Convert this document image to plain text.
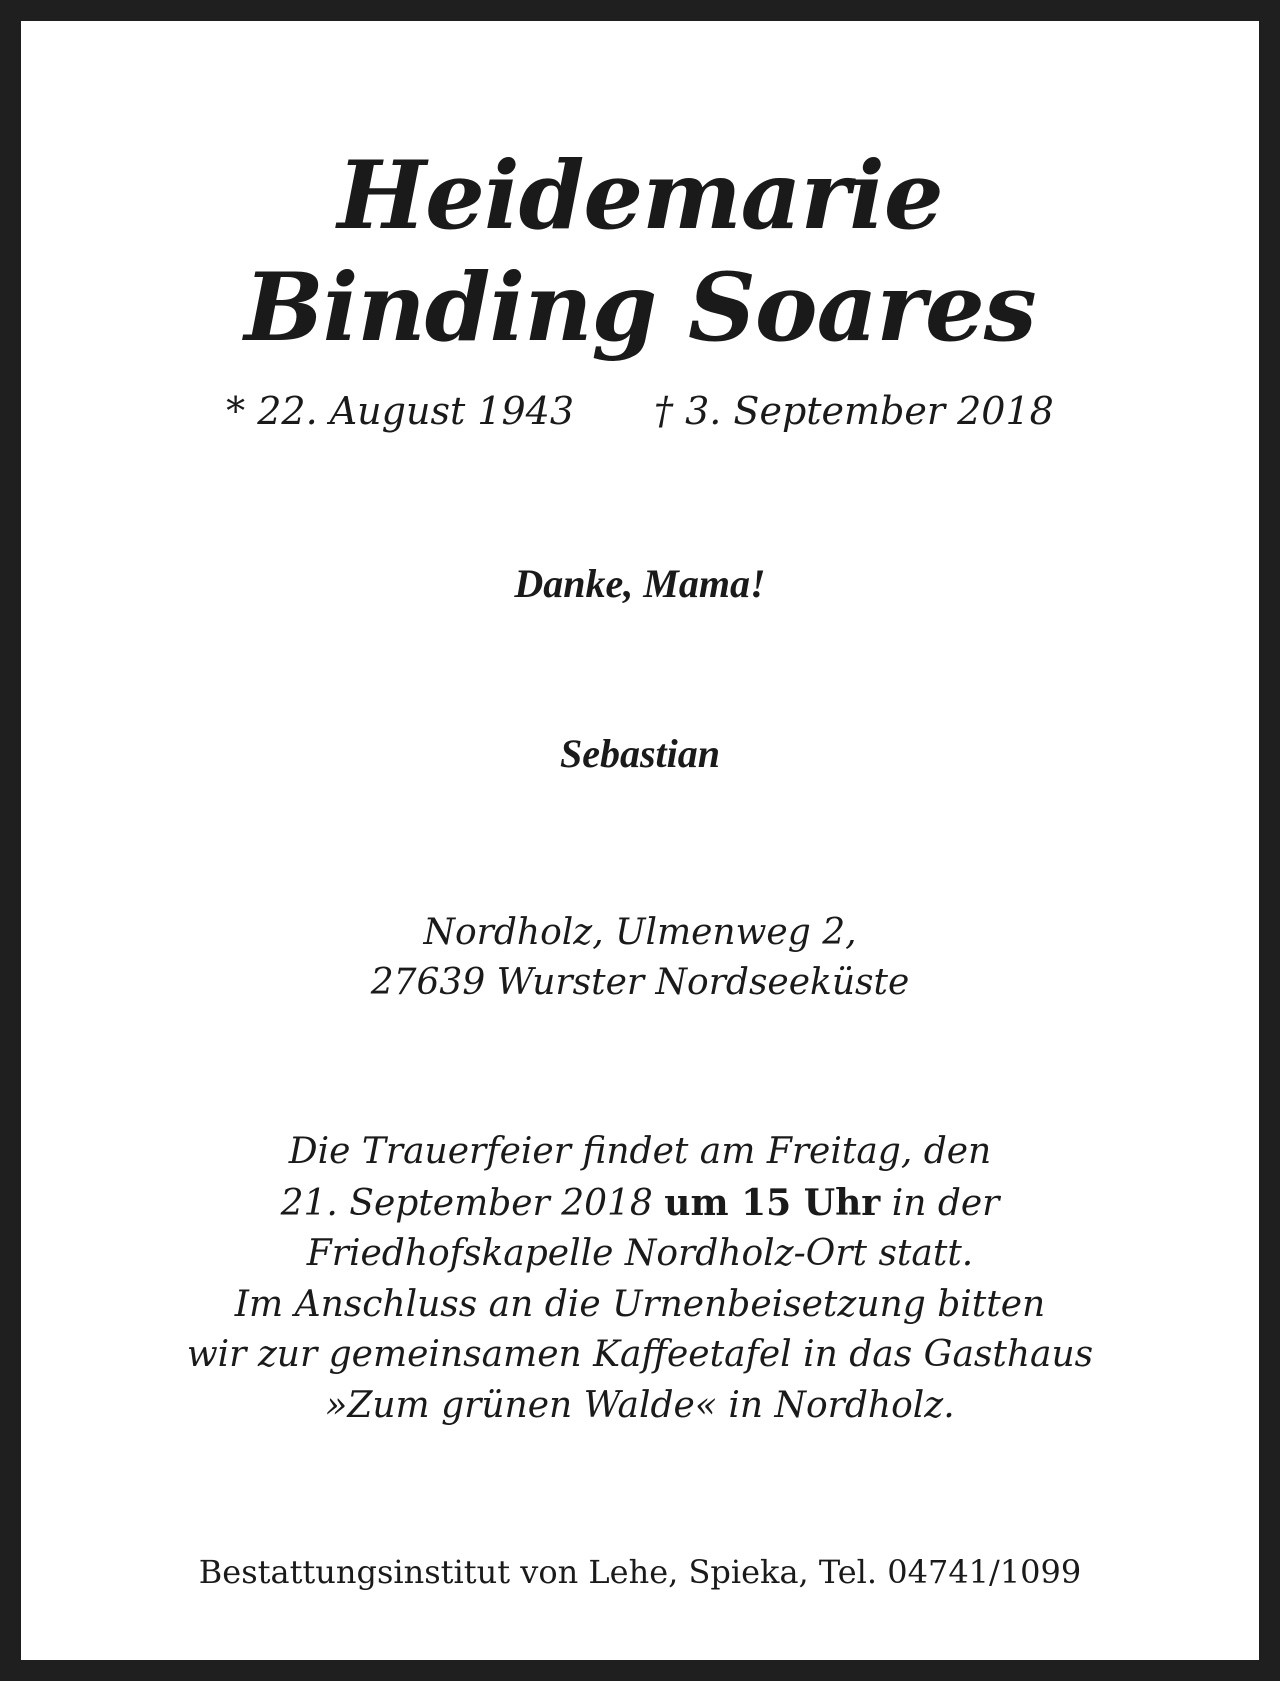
Heidemarie
Binding Soares
* 22. August 1943 † 3. September 2018
Danke, Mama!
Sebastian
Nordholz, Ulmenweg 2,
27639 Wurster Nordseeküste
Die Trauerfeier findet am Freitag, den
21. September 2018 um 15 Uhr in der
Friedhofskapelle Nordholz-Ort statt.
Im Anschluss an die Urnenbeisetzung bitten
wir zur gemeinsamen Kaffeetafel in das Gasthaus
»Zum grünen Walde« in Nordholz.
Bestattungsinstitut von Lehe, Spieka, Tel. 04741/1099
